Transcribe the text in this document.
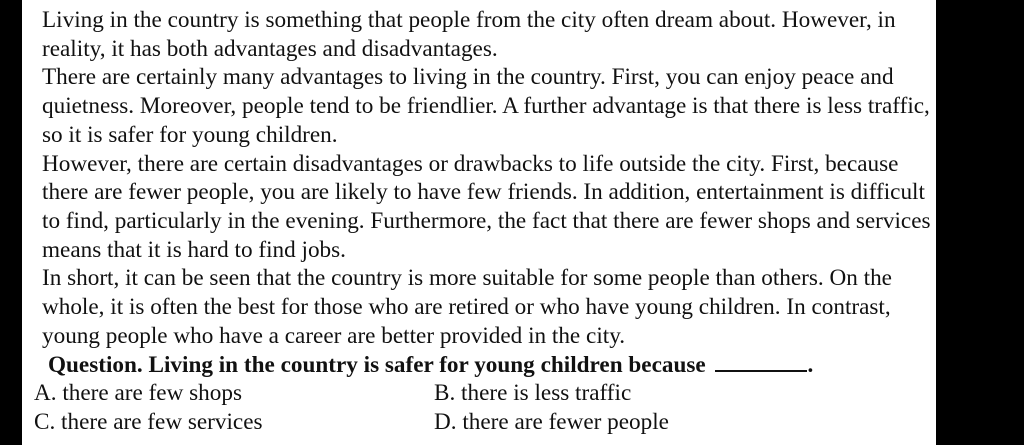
Living in the country is something that people from the city often dream about. However, in reality, it has both advantages and disadvantages.

There are certainly many advantages to living in the country. First, you can enjoy peace and quietness. Moreover, people tend to be friendlier. A further advantage is that there is less traffic, so it is safer for young children.

However, there are certain disadvantages or drawbacks to life outside the city. First, because there are fewer people, you are likely to have few friends. In addition, entertainment is difficult to find, particularly in the evening. Furthermore, the fact that there are fewer shops and services means that it is hard to find jobs.

In short, it can be seen that the country is more suitable for some people than others. On the whole, it is often the best for those who are retired or who have young children. In contrast, young people who have a career are better provided in the city.

Question. Living in the country is safer for young children because	.
A. there are few shops	B. there is less traffic
C. there are few services	D. there are fewer people
